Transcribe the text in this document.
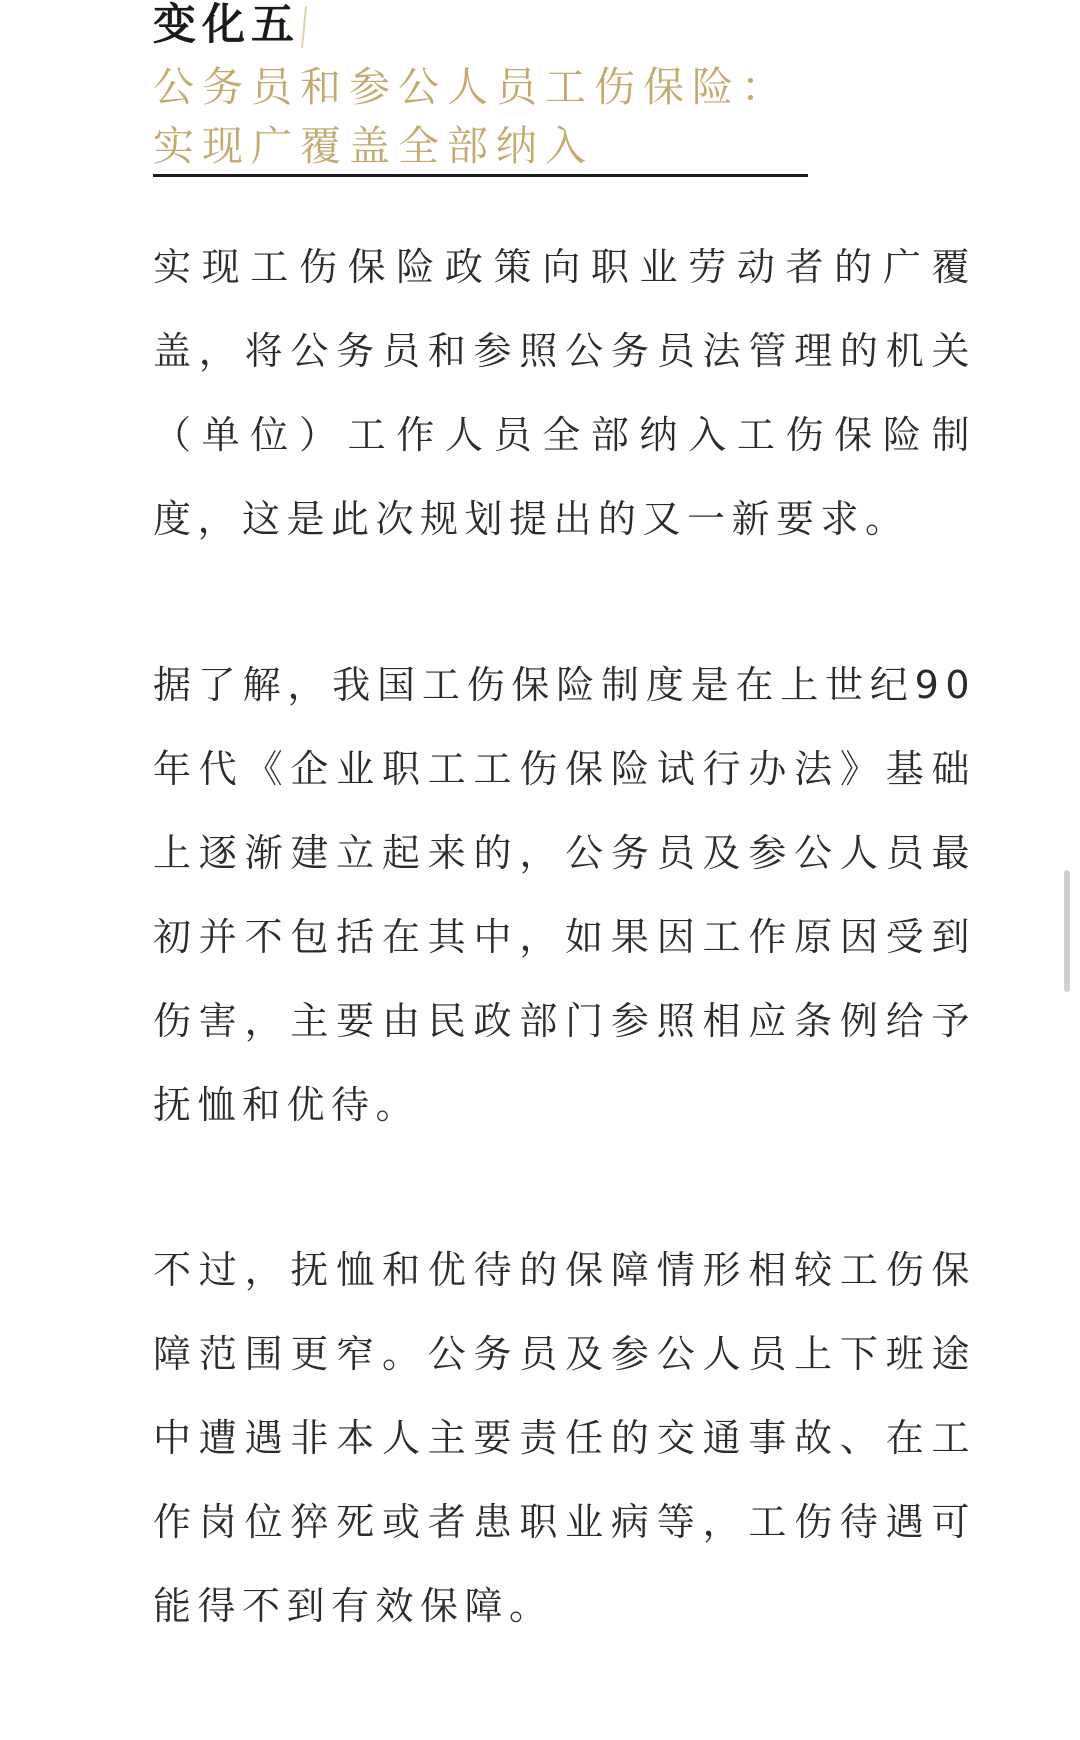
变化五
公务员和参公人员工伤保险：
实现广覆盖全部纳入

实现工伤保险政策向职业劳动者的广覆
盖，将公务员和参照公务员法管理的机关
（单位）工作人员全部纳入工伤保险制
度，这是此次规划提出的又一新要求。

据了解，我国工伤保险制度是在上世纪90
年代《企业职工工伤保险试行办法》基础
上逐渐建立起来的，公务员及参公人员最
初并不包括在其中，如果因工作原因受到
伤害，主要由民政部门参照相应条例给予
抚恤和优待。

不过，抚恤和优待的保障情形相较工伤保
障范围更窄。公务员及参公人员上下班途
中遭遇非本人主要责任的交通事故、在工
作岗位猝死或者患职业病等，工伤待遇可
能得不到有效保障。
